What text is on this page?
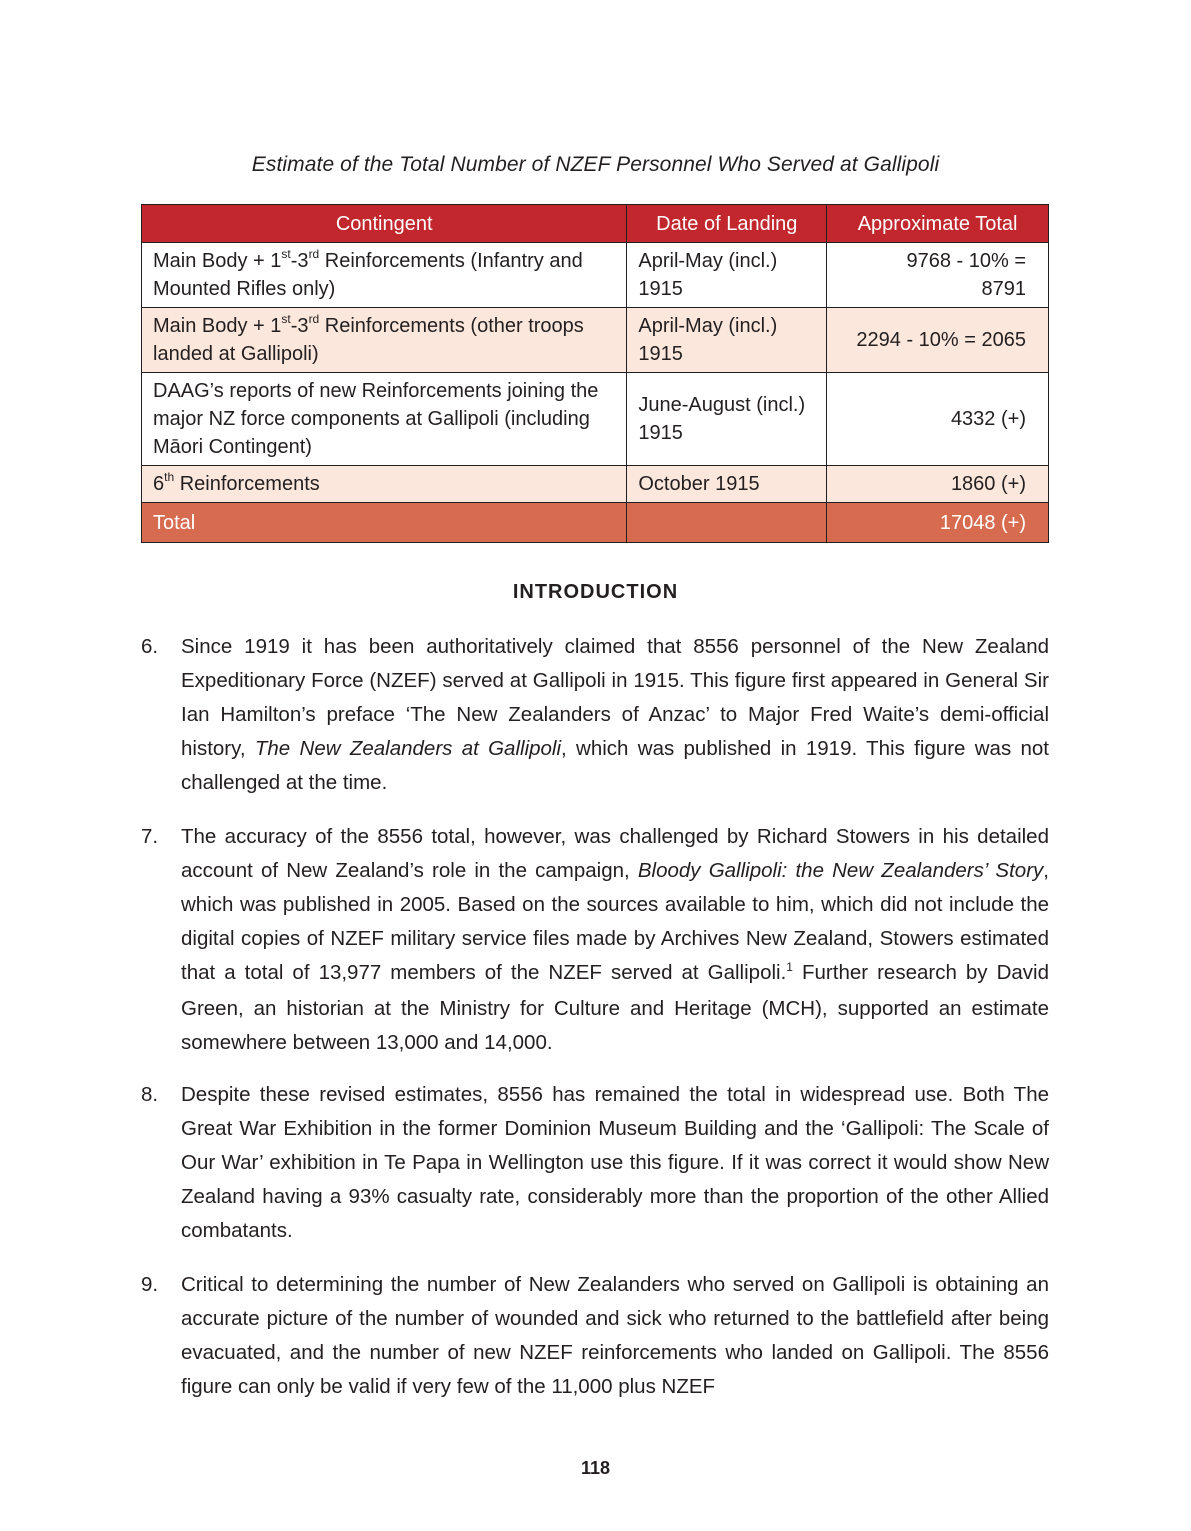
Estimate of the Total Number of NZEF Personnel Who Served at Gallipoli
Contingent	Date of Landing	Approximate Total
Main Body + 1st-3rd Reinforcements (Infantry and Mounted Rifles only)	April-May (incl.) 1915	9768 - 10% = 8791
Main Body + 1st-3rd Reinforcements (other troops landed at Gallipoli)	April-May (incl.) 1915	2294 - 10% = 2065
DAAG’s reports of new Reinforcements joining the major NZ force components at Gallipoli (including Māori Contingent)	June-August (incl.) 1915	4332 (+)
6th Reinforcements	October 1915	1860 (+)
Total		17048 (+)
INTRODUCTION
6.	Since 1919 it has been authoritatively claimed that 8556 personnel of the New Zealand Expeditionary Force (NZEF) served at Gallipoli in 1915. This figure first appeared in General Sir Ian Hamilton’s preface ‘The New Zealanders of Anzac’ to Major Fred Waite’s demi-official history, The New Zealanders at Gallipoli, which was published in 1919. This figure was not challenged at the time.
7.	The accuracy of the 8556 total, however, was challenged by Richard Stowers in his detailed account of New Zealand’s role in the campaign, Bloody Gallipoli: the New Zealanders’ Story, which was published in 2005. Based on the sources available to him, which did not include the digital copies of NZEF military service files made by Archives New Zealand, Stowers estimated that a total of 13,977 members of the NZEF served at Gallipoli.$^1$ Further research by David Green, an historian at the Ministry for Culture and Heritage (MCH), supported an estimate somewhere between 13,000 and 14,000.
8.	Despite these revised estimates, 8556 has remained the total in widespread use. Both The Great War Exhibition in the former Dominion Museum Building and the ‘Gallipoli: The Scale of Our War’ exhibition in Te Papa in Wellington use this figure. If it was correct it would show New Zealand having a 93% casualty rate, considerably more than the proportion of the other Allied combatants.
9.	Critical to determining the number of New Zealanders who served on Gallipoli is obtaining an accurate picture of the number of wounded and sick who returned to the battlefield after being evacuated, and the number of new NZEF reinforcements who landed on Gallipoli. The 8556 figure can only be valid if very few of the 11,000 plus NZEF
118
